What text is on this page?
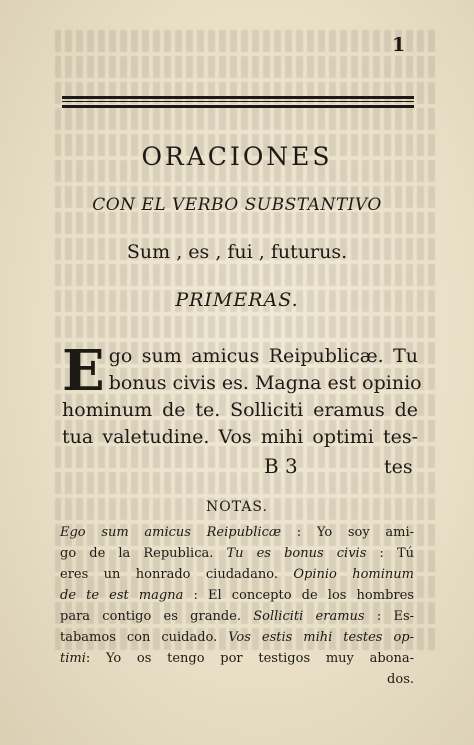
1
ORACIONES
CON EL VERBO SUBSTANTIVO
Sum , es , fui , futurus.
PRIMERAS.
E go sum amicus Reipublicæ. Tu
bonus civis es. Magna est opinio
hominum de te. Solliciti eramus de
tua valetudine. Vos mihi optimi tes-
B 3	tes
NOTAS.
Ego sum amicus Reipublicæ : Yo soy ami-
go de la Republica. Tu es bonus civis : Tú
eres un honrado ciudadano. Opinio hominum
de te est magna : El concepto de los hombres
para contigo es grande. Solliciti eramus : Es-
tabamos con cuidado. Vos estis mihi testes op-
timi: Yo os tengo por testigos muy abona-
dos.
